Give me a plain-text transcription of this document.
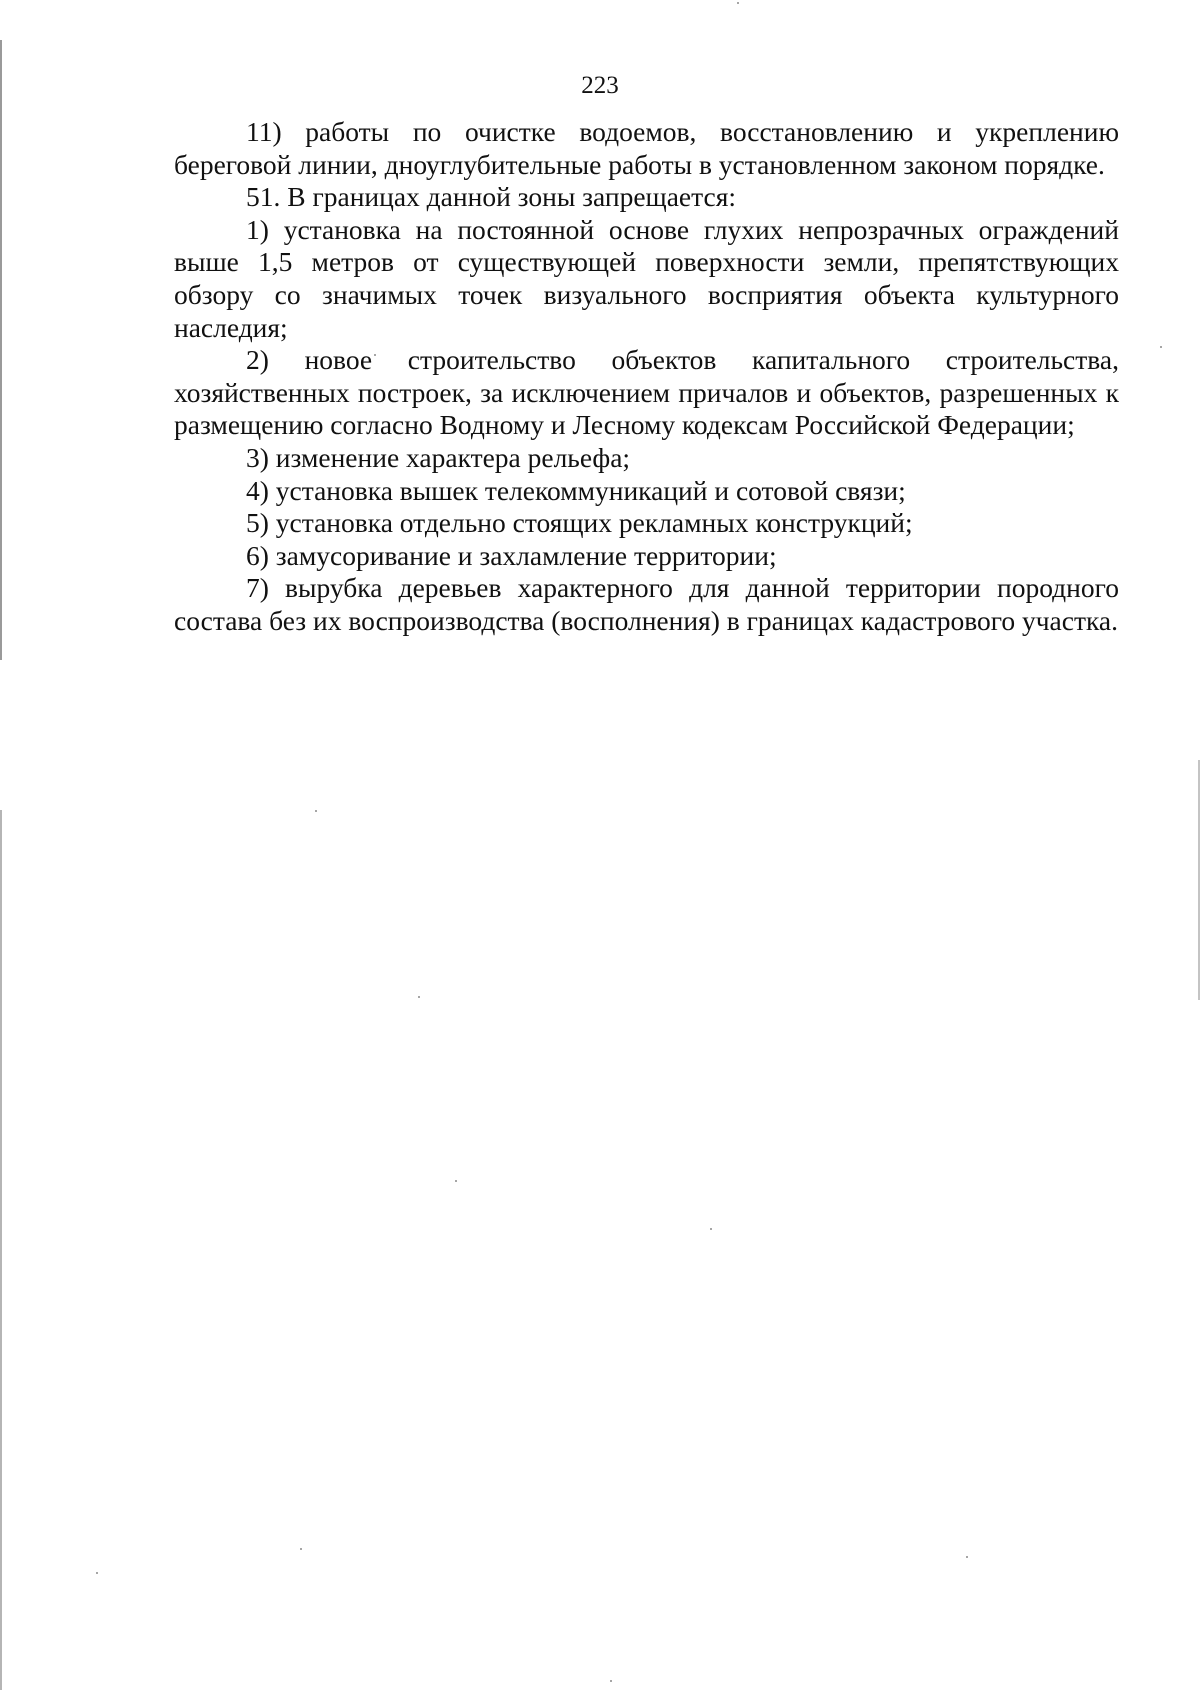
223

11) работы по очистке водоемов, восстановлению и укреплению береговой линии, дноуглубительные работы в установленном законом порядке.

51. В границах данной зоны запрещается:

1) установка на постоянной основе глухих непрозрачных ограждений выше 1,5 метров от существующей поверхности земли, препятствующих обзору со значимых точек визуального восприятия объекта культурного наследия;

2) новое строительство объектов капитального строительства, хозяйственных построек, за исключением причалов и объектов, разрешенных к размещению согласно Водному и Лесному кодексам Российской Федерации;

3) изменение характера рельефа;

4) установка вышек телекоммуникаций и сотовой связи;

5) установка отдельно стоящих рекламных конструкций;

6) замусоривание и захламление территории;

7) вырубка деревьев характерного для данной территории породного состава без их воспроизводства (восполнения) в границах кадастрового участка.
